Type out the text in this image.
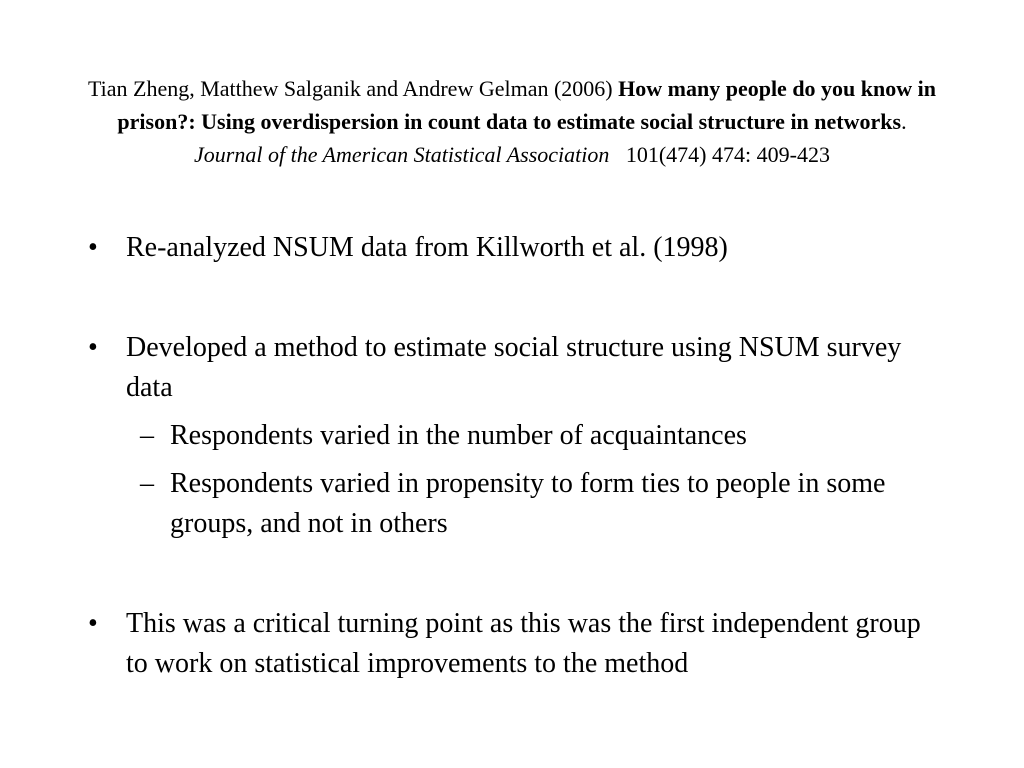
Tian Zheng, Matthew Salganik and Andrew Gelman (2006) How many people do you know in prison?: Using overdispersion in count data to estimate social structure in networks. Journal of the American Statistical Association 101(474) 474: 409-423

•	Re-analyzed NSUM data from Killworth et al. (1998)

•	Developed a method to estimate social structure using NSUM survey data

– Respondents varied in the number of acquaintances

– Respondents varied in propensity to form ties to people in some groups, and not in others

•	This was a critical turning point as this was the first independent group to work on statistical improvements to the method
